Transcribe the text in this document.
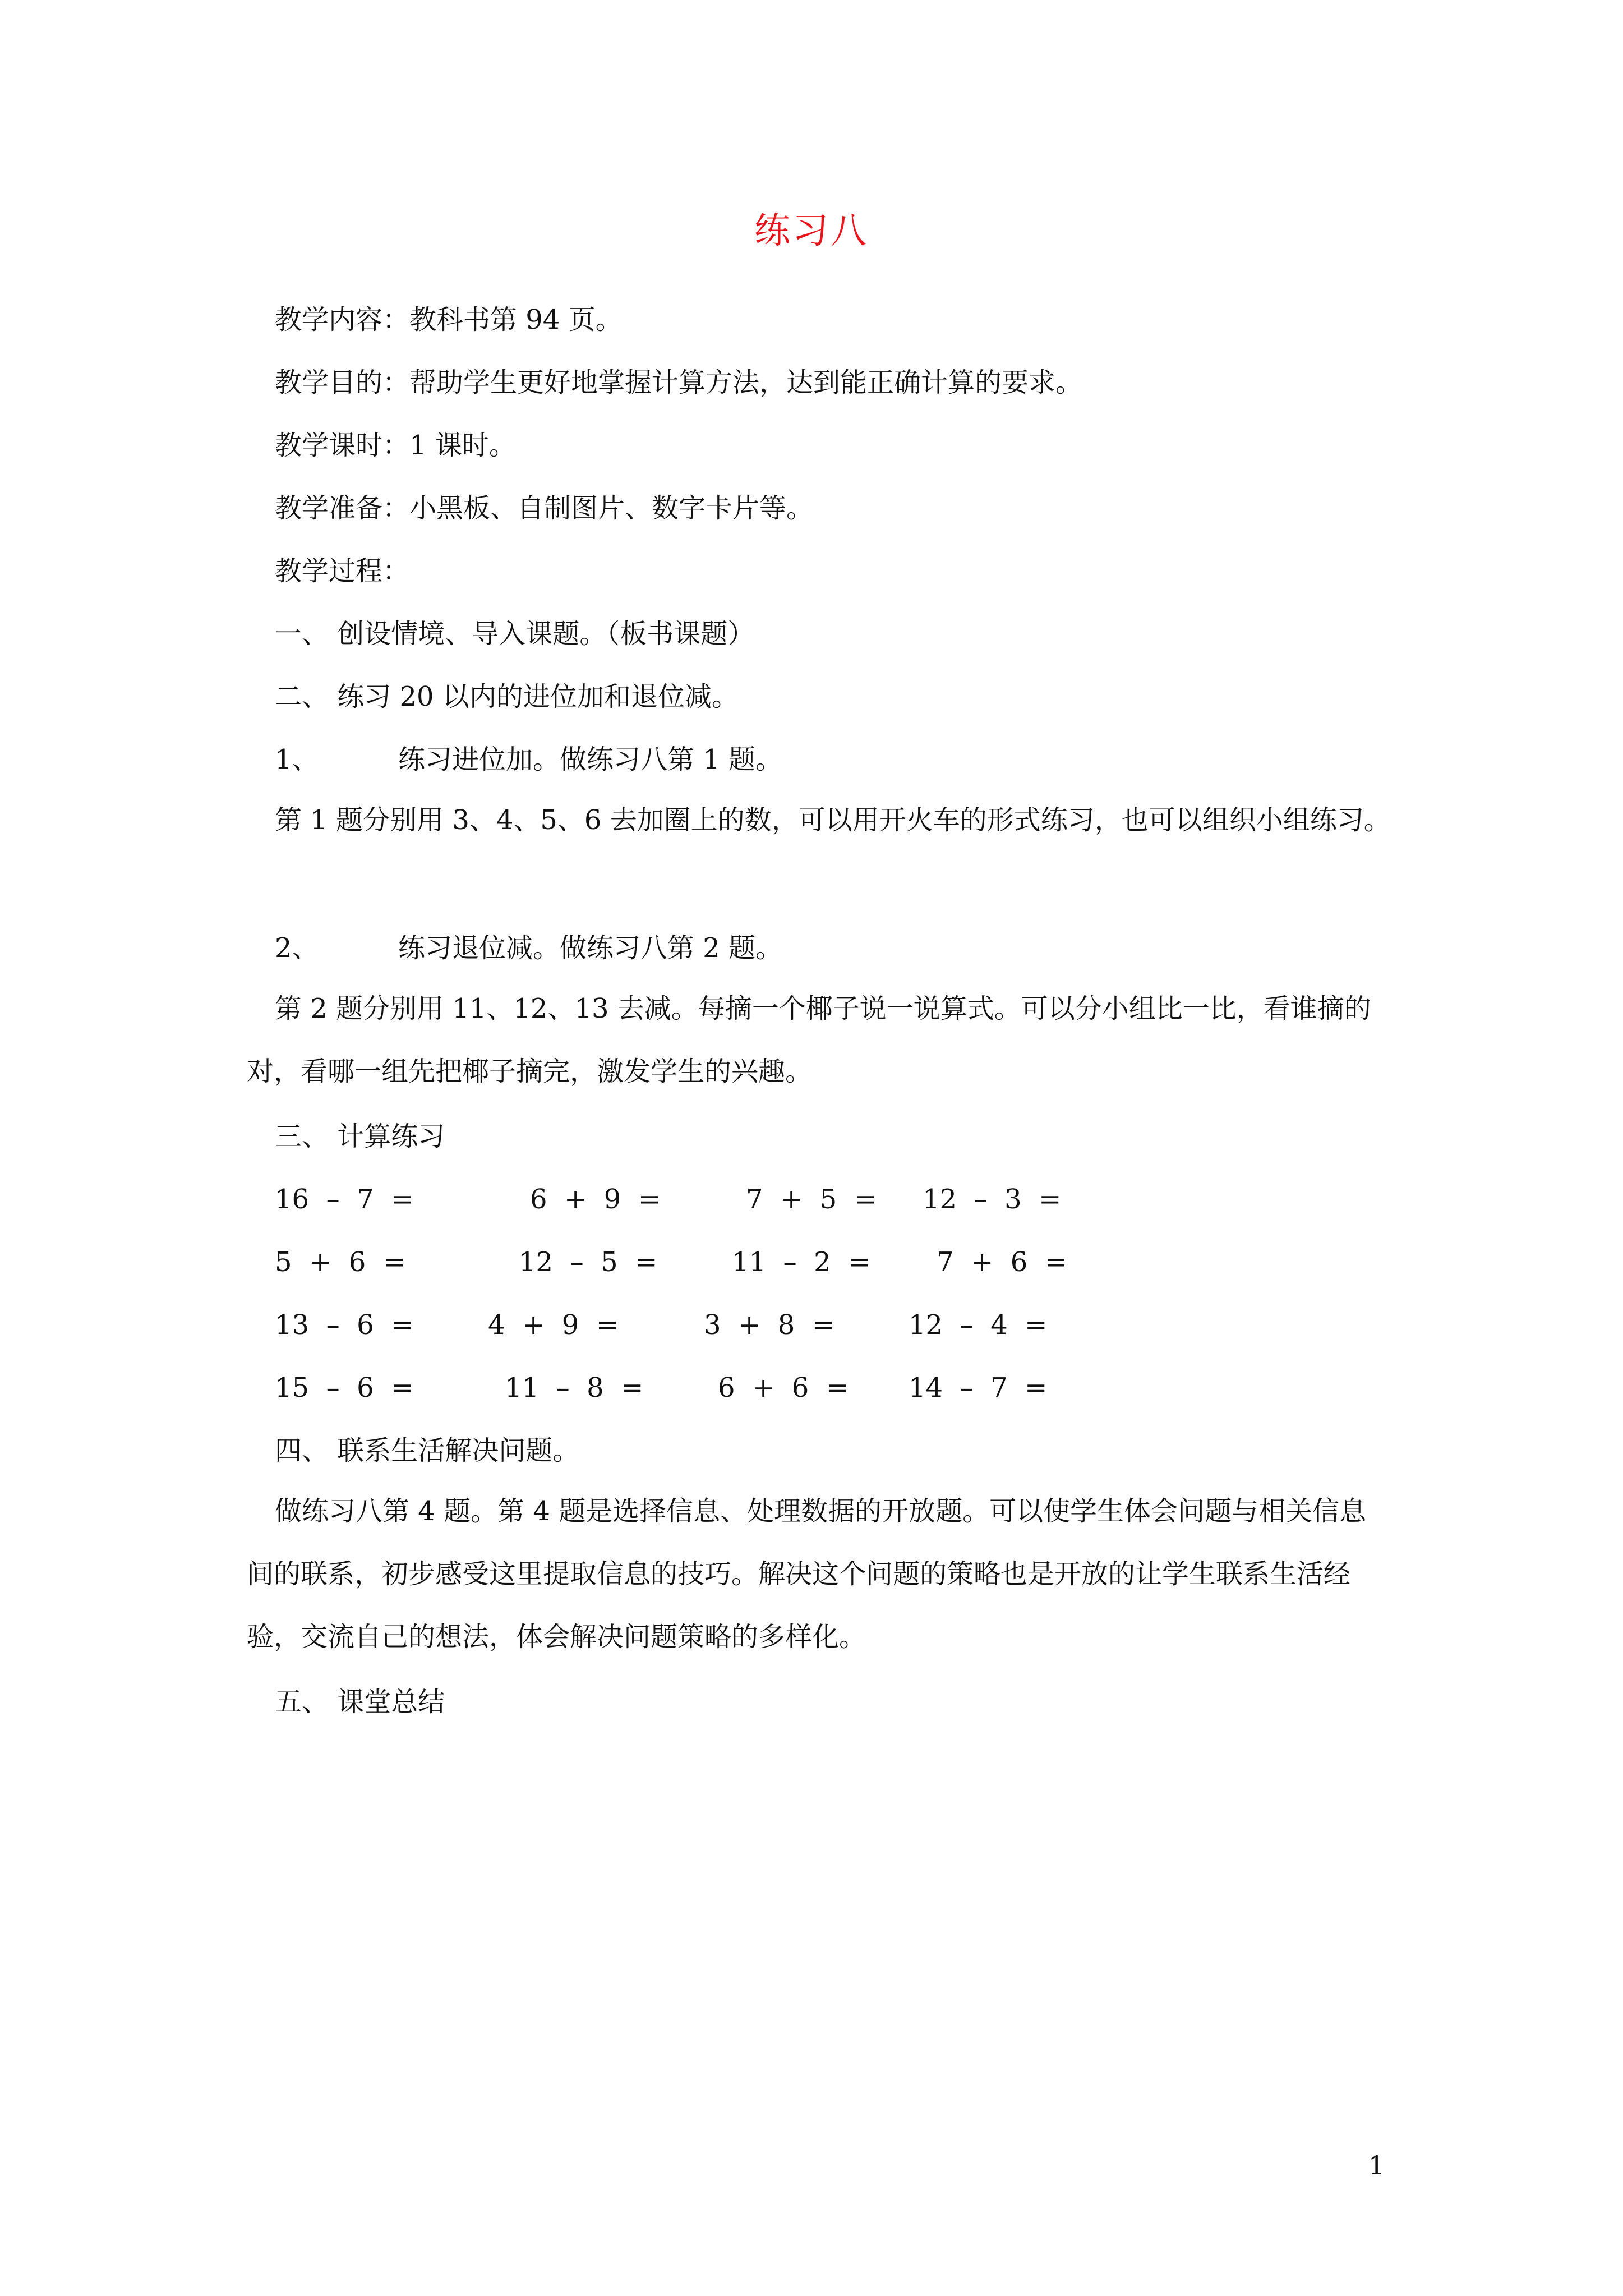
练习八
教学内容：教科书第 94 页。
教学目的：帮助学生更好地掌握计算方法，达到能正确计算的要求。
教学课时：1 课时。
教学准备：小黑板、自制图片、数字卡片等。
教学过程：
一、 创设情境、导入课题。（板书课题）
二、 练习 20 以内的进位加和退位减。
1、	练习进位加。做练习八第 1 题。
第 1 题分别用 3、4、5、6 去加圈上的数，可以用开火车的形式练习，也可以组织小组练习。
2、	练习退位减。做练习八第 2 题。
第 2 题分别用 11、12、13 去减。每摘一个椰子说一说算式。可以分小组比一比，看谁摘的对，看哪一组先把椰子摘完，激发学生的兴趣。
三、 计算练习
16  –  7  =	6  +  9  =	7  +  5  = 12  –  3  =
5  +  6  =	12  –  5  =	11  –  2  = 7  +  6  =
13  –  6  =	4  +  9  =	3  +  8  =	12  –  4  =
15  –  6  =	11  –  8  =	6  +  6  = 14  –  7  =
四、 联系生活解决问题。
做练习八第 4 题。第 4 题是选择信息、处理数据的开放题。可以使学生体会问题与相关信息间的联系，初步感受这里提取信息的技巧。解决这个问题的策略也是开放的让学生联系生活经验，交流自己的想法，体会解决问题策略的多样化。
五、 课堂总结
1
